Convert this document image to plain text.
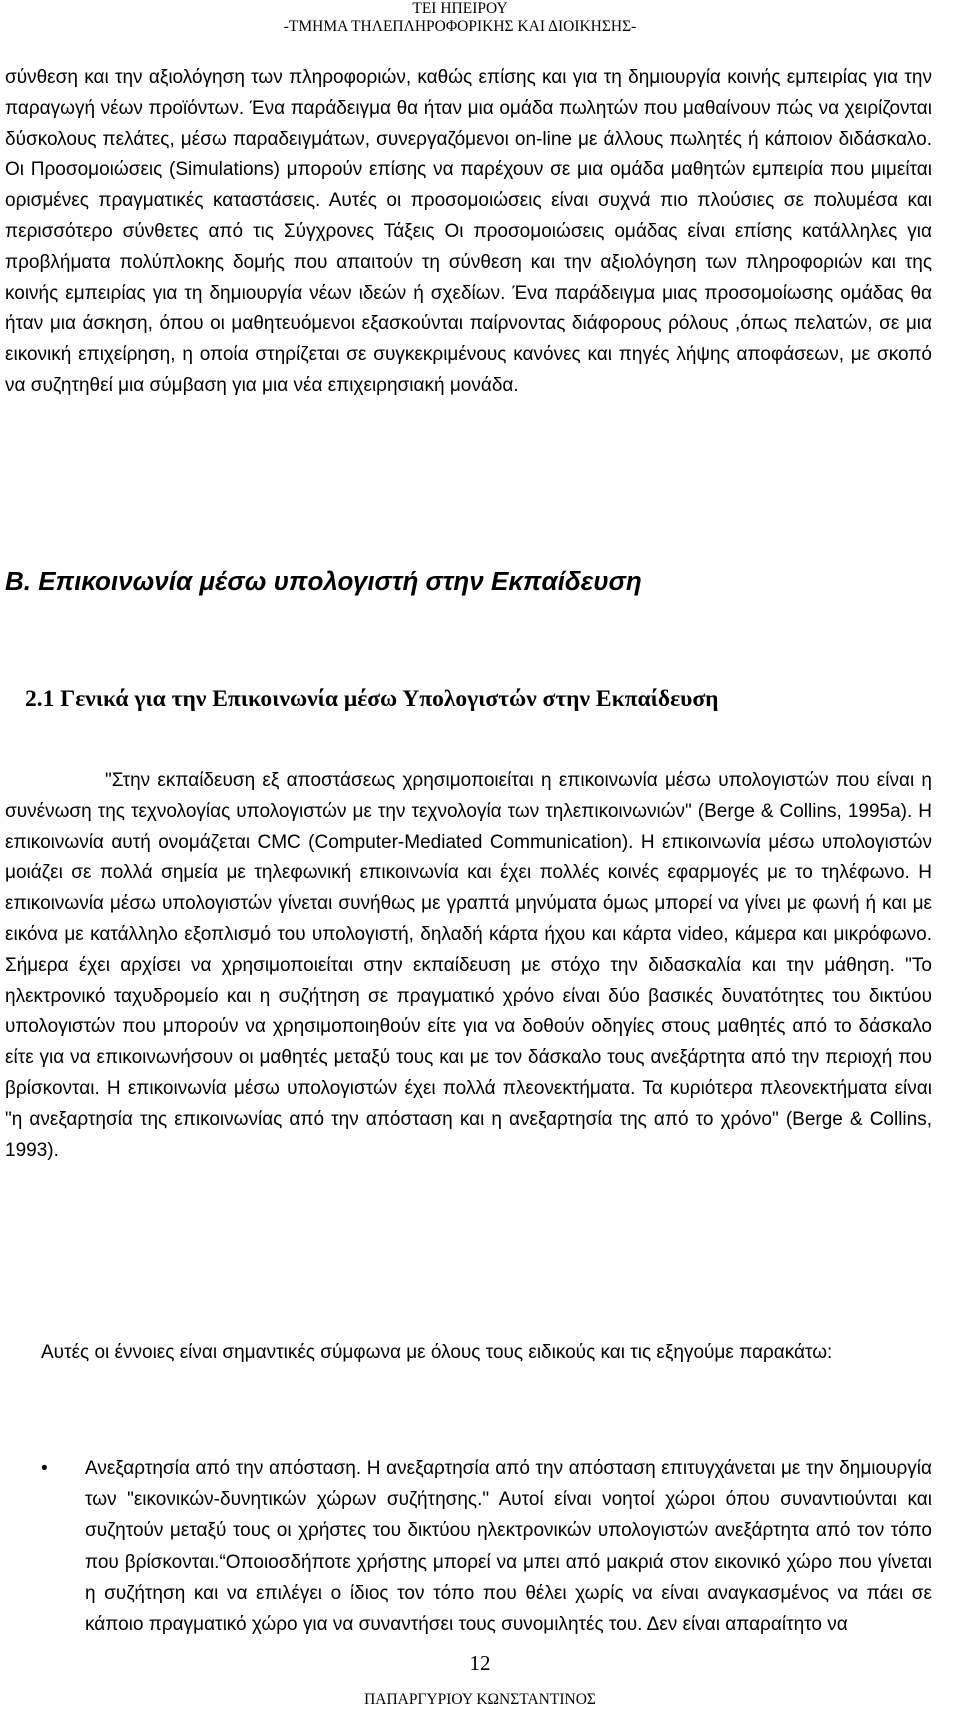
ΤΕΙ ΗΠΕΙΡΟΥ
-ΤΜΗΜΑ ΤΗΛΕΠΛΗΡΟΦΟΡΙΚΗΣ ΚΑΙ ΔΙΟΙΚΗΣΗΣ-
σύνθεση και την αξιολόγηση των πληροφοριών, καθώς επίσης και για τη δημιουργία κοινής εμπειρίας για την παραγωγή νέων προϊόντων. Ένα παράδειγμα θα ήταν μια ομάδα πωλητών που μαθαίνουν πώς να χειρίζονται δύσκολους πελάτες, μέσω παραδειγμάτων, συνεργαζόμενοι on-line με άλλους πωλητές ή κάποιον διδάσκαλο. Οι Προσομοιώσεις (Simulations) μπορούν επίσης να παρέχουν σε μια ομάδα μαθητών εμπειρία που μιμείται ορισμένες πραγματικές καταστάσεις. Αυτές οι προσομοιώσεις είναι συχνά πιο πλούσιες σε πολυμέσα και περισσότερο σύνθετες από τις Σύγχρονες Τάξεις Οι προσομοιώσεις ομάδας είναι επίσης κατάλληλες για προβλήματα πολύπλοκης δομής που απαιτούν τη σύνθεση και την αξιολόγηση των πληροφοριών και της κοινής εμπειρίας για τη δημιουργία νέων ιδεών ή σχεδίων. Ένα παράδειγμα μιας προσομοίωσης ομάδας θα ήταν μια άσκηση, όπου οι μαθητευόμενοι εξασκούνται παίρνοντας διάφορους ρόλους ,όπως πελατών, σε μια εικονική επιχείρηση, η οποία στηρίζεται σε συγκεκριμένους κανόνες και πηγές λήψης αποφάσεων, με σκοπό να συζητηθεί μια σύμβαση για μια νέα επιχειρησιακή μονάδα.
Β. Επικοινωνία μέσω υπολογιστή στην Εκπαίδευση
2.1 Γενικά για την Επικοινωνία μέσω Υπολογιστών στην Εκπαίδευση
"Στην εκπαίδευση εξ αποστάσεως χρησιμοποιείται η επικοινωνία μέσω υπολογιστών που είναι η συνένωση της τεχνολογίας υπολογιστών με την τεχνολογία των τηλεπικοινωνιών" (Berge & Collins, 1995a). Η επικοινωνία αυτή ονομάζεται CMC (Computer-Mediated Communication). Η επικοινωνία μέσω υπολογιστών μοιάζει σε πολλά σημεία με τηλεφωνική επικοινωνία και έχει πολλές κοινές εφαρμογές με το τηλέφωνο. Η επικοινωνία μέσω υπολογιστών γίνεται συνήθως με γραπτά μηνύματα όμως μπορεί να γίνει με φωνή ή και με εικόνα με κατάλληλο εξοπλισμό του υπολογιστή, δηλαδή κάρτα ήχου και κάρτα video, κάμερα και μικρόφωνο. Σήμερα έχει αρχίσει να χρησιμοποιείται στην εκπαίδευση με στόχο την διδασκαλία και την μάθηση. "Το ηλεκτρονικό ταχυδρομείο και η συζήτηση σε πραγματικό χρόνο είναι δύο βασικές δυνατότητες του δικτύου υπολογιστών που μπορούν να χρησιμοποιηθούν είτε για να δοθούν οδηγίες στους μαθητές από το δάσκαλο είτε για να επικοινωνήσουν οι μαθητές μεταξύ τους και με τον δάσκαλο τους ανεξάρτητα από την περιοχή που βρίσκονται. Η επικοινωνία μέσω υπολογιστών έχει πολλά πλεονεκτήματα. Τα κυριότερα πλεονεκτήματα είναι "η ανεξαρτησία της επικοινωνίας από την απόσταση και η ανεξαρτησία της από το χρόνο" (Berge & Collins, 1993).
Αυτές οι έννοιες είναι σημαντικές σύμφωνα με όλους τους ειδικούς και τις εξηγούμε παρακάτω:
• Ανεξαρτησία από την απόσταση. Η ανεξαρτησία από την απόσταση επιτυγχάνεται με την δημιουργία των "εικονικών-δυνητικών χώρων συζήτησης." Αυτοί είναι νοητοί χώροι όπου συναντιούνται και συζητούν μεταξύ τους οι χρήστες του δικτύου ηλεκτρονικών υπολογιστών ανεξάρτητα από τον τόπο που βρίσκονται.“Οποιοσδήποτε χρήστης μπορεί να μπει από μακριά στον εικονικό χώρο που γίνεται η συζήτηση και να επιλέγει ο ίδιος τον τόπο που θέλει χωρίς να είναι αναγκασμένος να πάει σε κάποιο πραγματικό χώρο για να συναντήσει τους συνομιλητές του. Δεν είναι απαραίτητο να
12
ΠΑΠΑΡΓΥΡΙΟΥ ΚΩΝΣΤΑΝΤΙΝΟΣ
